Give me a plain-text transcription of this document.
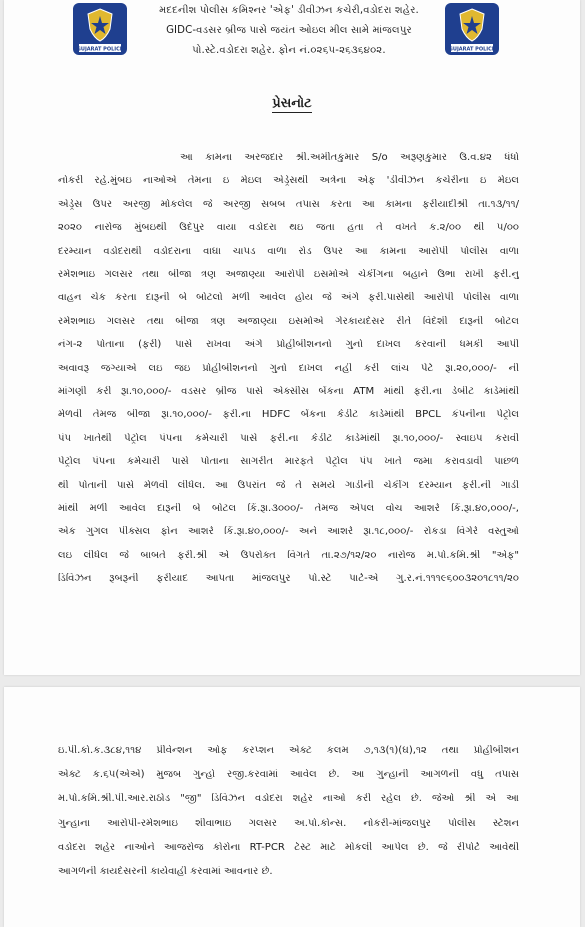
GUJARAT POLICE
મદદનીશ પોલીસ કમિશ્નર 'એફ' ડીવીઝન કચેરી,વડોદરા શહેર.
GIDC-વડસર બ્રીજ પાસે જયંત ઓઇલ મીલ સામે માંજલપુર
પો.સ્ટે.વડોદરા શહેર. ફોન નં.૦૨૬૫-૨૬૩૬૪૦૨.	GUJARAT POLICE
પ્રેસનોટ
આ કામના અરજદાર શ્રી.અમીતકુમાર S/o અરૂણકુમાર ઉ.વ.૪૨ ધંધો
નોકરી રહે.મુંબઇ નાઓએ તેમના ઇ મેઇલ એડ્રેસથી અત્રેના એફ 'ડીવીઝન કચેરીના ઇ મેઇલ
એડ્રેસ ઉપર અરજી મોકલેલ જે અરજી સબબ તપાસ કરતા આ કામના ફરીયાદીશ્રી તા.૧૩/૧૧/
૨૦૨૦ નારોજ મુંબઇથી ઉદેપુર વાયા વડોદરા થઇ જતા હતા તે વખતે ક.૨/૦૦ થી ૫/૦૦
દરમ્યાન વડોદરાથી વડોદરાના વાઘા ચાપડ વાળા રોડ ઉપર આ કામના આરોપી પોલીસ વાળા
રમેશભાઇ ગલસર તથા બીજા ત્રણ અજાણ્યા આરોપી ઇસમોએ ચેકીંગના બહાને ઉભા રાખી ફરી.નુ
વાહન ચેક કરતા દારૂની બે બોટલો મળી આવેલ હોય જે અંગે ફરી.પાસેથી આરોપી પોલીસ વાળા
રમેશભાઇ ગલસર તથા બીજા ત્રણ અજાણ્યા ઇસમોએ ગેરકાયદેસર રીતે વિદેશી દારૂની બોટલ
નંગ-૨ પોતાના (ફરી) પાસે રાખવા અંગે પ્રોહીબીશનનો ગુનો દાખલ કરવાની ધમકી આપી
અવાવરૂ જગ્યાએ લઇ જઇ પ્રોહીબીશનનો ગુનો દાખલ નહી કરી લાંચ પેટે રૂા.૨૦,૦૦૦/- ની
માંગણી કરી રૂા.૧૦,૦૦૦/- વડસર બ્રીજ પાસે એક્સીસ બેંકના ATM માંથી ફરી.ના ડેબીટ કાર્ડમાંથી
મેળવી તેમજ બીજા રૂા.૧૦,૦૦૦/- ફરી.ના HDFC બેંકના કેડીટ કાર્ડમાંથી BPCL કંપનીના પેટ્રોલ
પંપ ખાતેથી પેટ્રોલ પંપના કર્મચારી પાસે ફરી.ના કેડીટ કાર્ડમાંથી રૂા.૧૦,૦૦૦/- સ્વાઇપ કરાવી
પેટ્રોલ પંપના કર્મચારી પાસે પોતાના સાગરીત મારફતે પેટ્રોલ પંપ ખાતે જમા કરાવડાવી પાછળ
થી પોતાની પાસે મેળવી લીધેલ. આ ઉપરાંત જે તે સમયે ગાડીની ચેકીંગ દરમ્યાન ફરી.ની ગાડી
માંથી મળી આવેલ દારૂની બે બોટલ કિં.રૂા.૩૦૦૦/- તેમજ એપલ વોચ આશરે કિં.રૂા.૪૦,૦૦૦/-,
એક ગુગલ પીક્સલ ફોન આશરે કિં.રૂા.૪૦,૦૦૦/- અને આશરે રૂા.૧૮,૦૦૦/- રોકડા વિગેરે વસ્તુઓ
લઇ લીધેલ જે બાબતે ફરી.શ્રી એ ઉપરોક્ત વિગતે તા.૨૭/૧૨/૨૦ નારોજ મ.પો.કમિ.શ્રી "એફ"
ડિવિઝન રૂબરૂની ફરીયાદ આપતા માંજલપુર પો.સ્ટે પાર્ટ-એ ગુ.ર.નં.૧૧૧૯૬૦૦૩૨૦૧૮૧૧/૨૦
ઇ.પી.કો.ક.૩૮૪,૧૧૪ પ્રીવેન્શન ઓફ કરપ્શન એક્ટ કલમ ૭,૧૩(૧)(ઘ),૧૨ તથા પ્રોહીબીશન
એક્ટ ક.૬૫(એએ) મુજબ ગુન્હો રજી.કરવામાં આવેલ છે. આ ગુન્હાની આગળની વધુ તપાસ
મ.પો.કમિ.શ્રી.પી.આર.રાઠોડ "જી" ડિવિઝન વડોદરા શહેર નાઓ કરી રહેલ છે. જેઓ શ્રી એ આ
ગુન્હાના આરોપી-રમેશભાઇ શીવાભાઇ ગલસર અ.પો.કોન્સ. નોકરી-માંજલપુર પોલીસ સ્ટેશન
વડોદરા શહેર નાઓને આજરોજ કોરોના RT-PCR ટેસ્ટ માટે મોકલી આપેલ છે. જે રીપોર્ટ આવેથી
આગળની કાયદેસરની કાર્યવાહી કરવામાં આવનાર છે.
